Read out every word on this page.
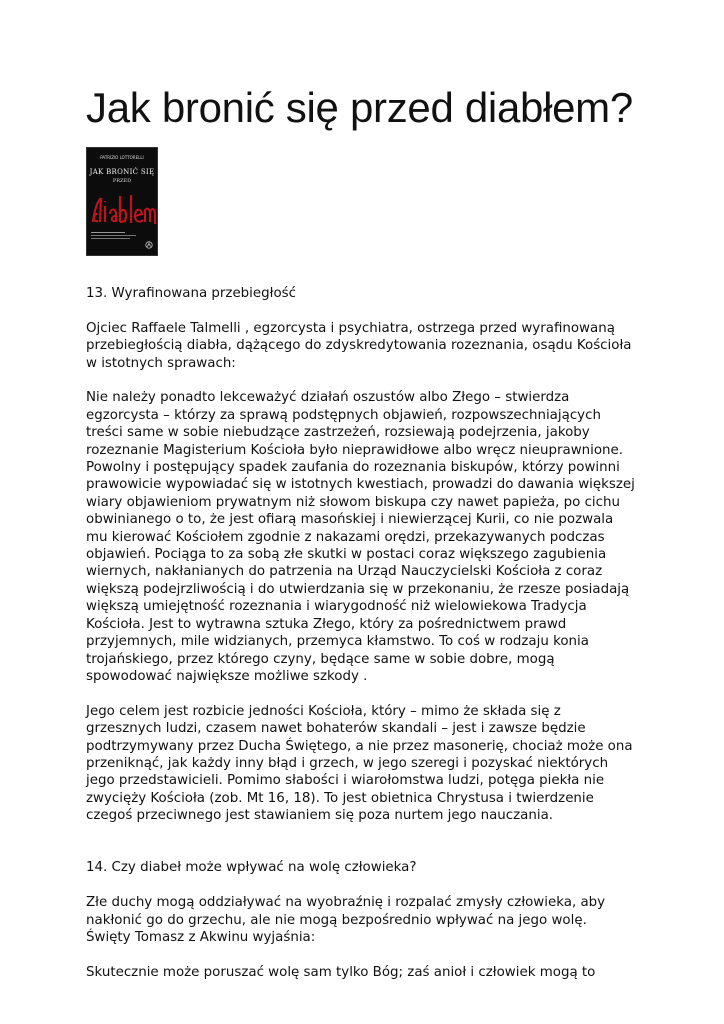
Jak bronić się przed diabłem?
PATRIZIO LOTTORELLI
JAK BRONIĆ SIĘ
PRZED

13. Wyrafinowana przebiegłość

Ojciec Raffaele Talmelli , egzorcysta i psychiatra, ostrzega przed wyrafinowaną

przebiegłością diabła, dążącego do zdyskredytowania rozeznania, osądu Kościoła

w istotnych sprawach:

Nie należy ponadto lekceważyć działań oszustów albo Złego – stwierdza

egzorcysta – którzy za sprawą podstępnych objawień, rozpowszechniających

treści same w sobie niebudzące zastrzeżeń, rozsiewają podejrzenia, jakoby

rozeznanie Magisterium Kościoła było nieprawidłowe albo wręcz nieuprawnione.

Powolny i postępujący spadek zaufania do rozeznania biskupów, którzy powinni

prawowicie wypowiadać się w istotnych kwestiach, prowadzi do dawania większej

wiary objawieniom prywatnym niż słowom biskupa czy nawet papieża, po cichu

obwinianego o to, że jest ofiarą masońskiej i niewierzącej Kurii, co nie pozwala

mu kierować Kościołem zgodnie z nakazami orędzi, przekazywanych podczas

objawień. Pociąga to za sobą złe skutki w postaci coraz większego zagubienia

wiernych, nakłanianych do patrzenia na Urząd Nauczycielski Kościoła z coraz

większą podejrzliwością i do utwierdzania się w przekonaniu, że rzesze posiadają

większą umiejętność rozeznania i wiarygodność niż wielowiekowa Tradycja

Kościoła. Jest to wytrawna sztuka Złego, który za pośrednictwem prawd

przyjemnych, mile widzianych, przemyca kłamstwo. To coś w rodzaju konia

trojańskiego, przez którego czyny, będące same w sobie dobre, mogą

spowodować największe możliwe szkody .

Jego celem jest rozbicie jedności Kościoła, który – mimo że składa się z

grzesznych ludzi, czasem nawet bohaterów skandali – jest i zawsze będzie

podtrzymywany przez Ducha Świętego, a nie przez masonerię, chociaż może ona

przeniknąć, jak każdy inny błąd i grzech, w jego szeregi i pozyskać niektórych

jego przedstawicieli. Pomimo słabości i wiarołomstwa ludzi, potęga piekła nie

zwycięży Kościoła (zob. Mt 16, 18). To jest obietnica Chrystusa i twierdzenie

czegoś przeciwnego jest stawianiem się poza nurtem jego nauczania.

14. Czy diabeł może wpływać na wolę człowieka?

Złe duchy mogą oddziaływać na wyobraźnię i rozpalać zmysły człowieka, aby

nakłonić go do grzechu, ale nie mogą bezpośrednio wpływać na jego wolę.

Święty Tomasz z Akwinu wyjaśnia:

Skutecznie może poruszać wolę sam tylko Bóg; zaś anioł i człowiek mogą to
